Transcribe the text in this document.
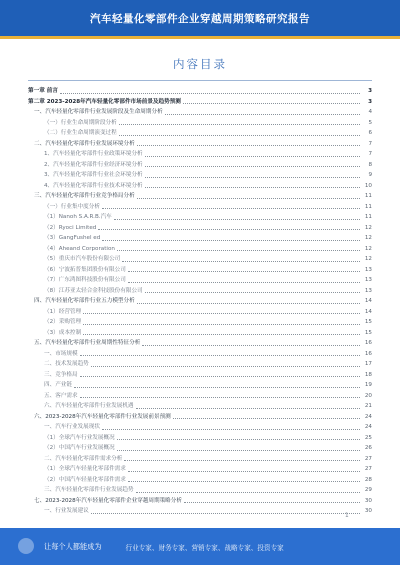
汽车轻量化零部件企业穿越周期策略研究报告
内容目录
第一章 前言	3
第二章 2023-2028年汽车轻量化零部件市场前景及趋势预测	3
一、汽车轻量化零部件行业发展阶段及生命周期分析	4
（一）行业生命周期阶段分析	5
（二）行业生命周期演变过程	6
二、汽车轻量化零部件行业发展环境分析	7
1、汽车轻量化零部件行业政策环境分析	7
2、汽车轻量化零部件行业经济环境分析	8
3、汽车轻量化零部件行业社会环境分析	9
4、汽车轻量化零部件行业技术环境分析	10
三、汽车轻量化零部件行业竞争格局分析	11
（一）行业集中度分析	11
（1）Nanoh S.A.R.B.汽车	11
（2）Ryoci Limited	12
（3）GangFushel ed	12
（4）Aheand Corporation	12
（5）重庆市汽车股份有限公司	12
（6）宁波拓普集团股份有限公司	13
（7）广东鸿图科技股份有限公司	13
（8）江苏亚太轻合金科技股份有限公司	13
四、汽车轻量化零部件行业五力模型分析	14
（1）经营管理	14
（2）采购管理	15
（3）成本控制	15
五、汽车轻量化零部件行业周期性特征分析	16
一、市场规模	16
二、技术发展趋势	17
三、竞争格局	18
四、产业链	19
五、客户需求	20
六、汽车轻量化零部件行业发展机遇	21
六、2023-2028年汽车轻量化零部件行业发展前景预测	24
一、汽车行业发展现状	24
（1）全球汽车行业发展概况	25
（2）中国汽车行业发展概况	26
二、汽车轻量化零部件需求分析	27
（1）全球汽车轻量化零部件需求	27
（2）中国汽车轻量化零部件需求	28
三、汽车轻量化零部件行业发展趋势	29
七、2023-2028年汽车轻量化零部件企业穿越周期策略分析	30
一、行业发展建议	30
1
让每个人都能成为	行业专家、财务专家、营销专家、战略专家、投资专家
